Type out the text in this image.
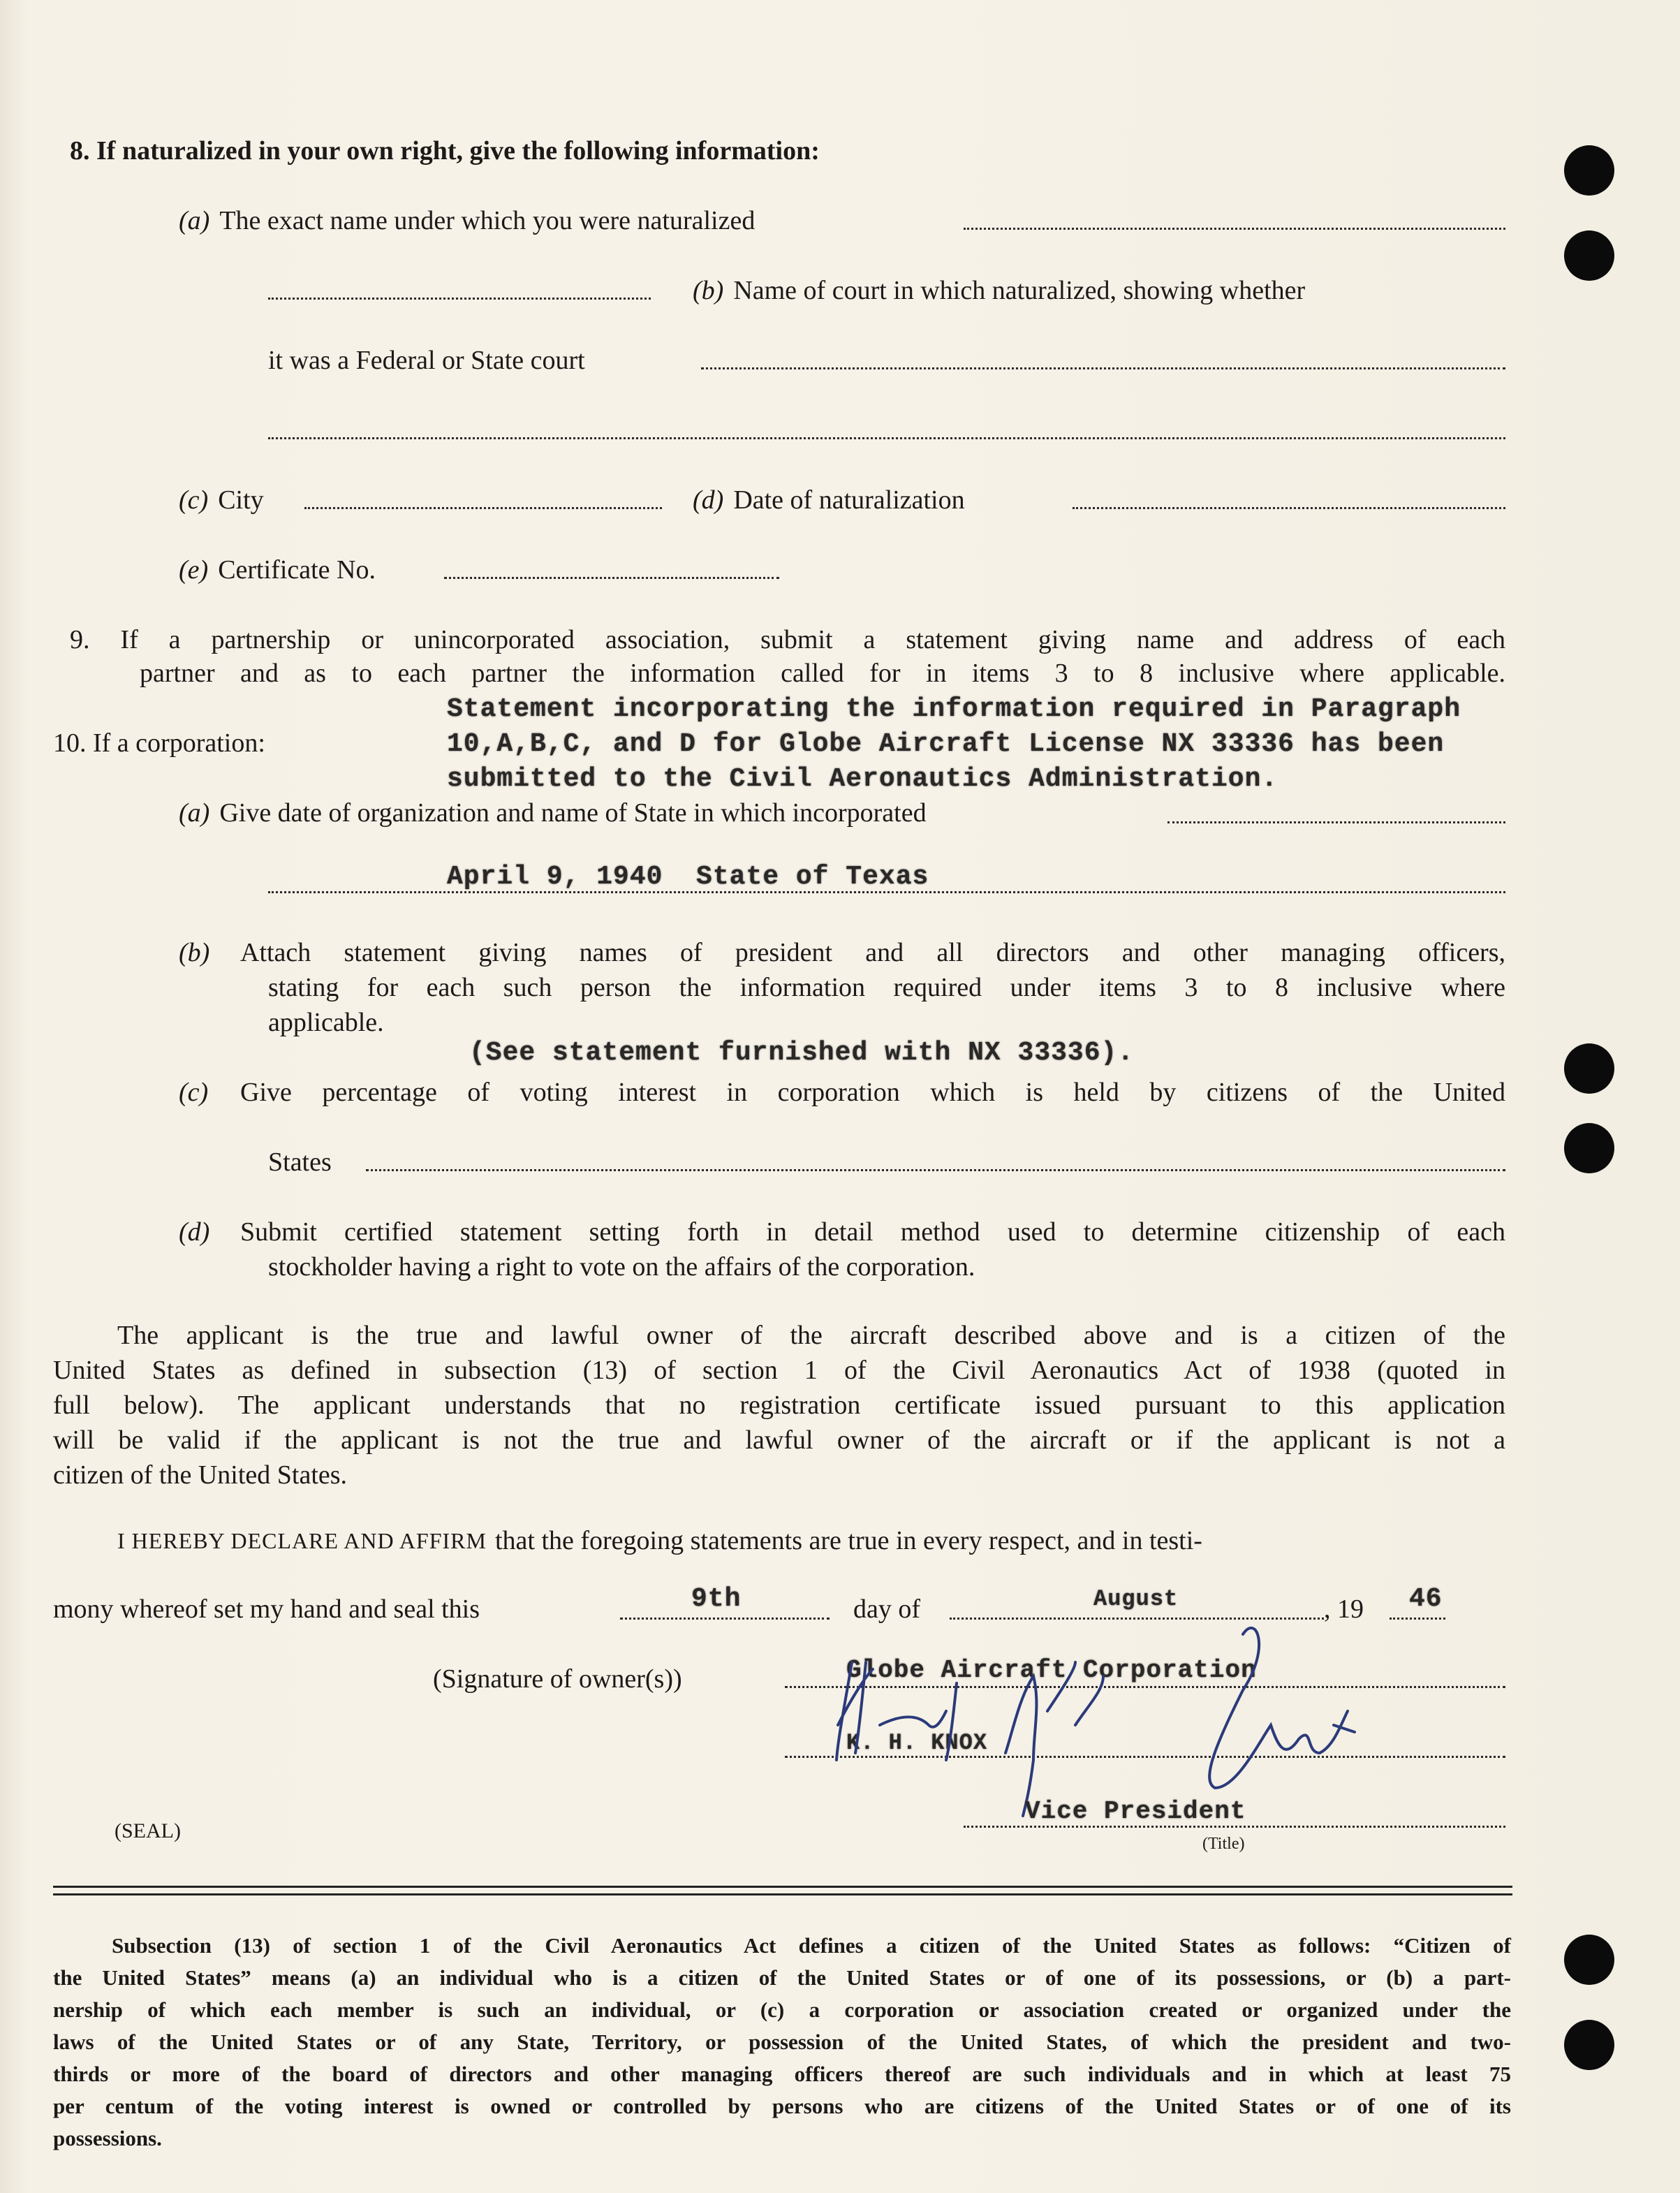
8. If naturalized in your own right, give the following information:
(a) The exact name under which you were naturalized
(b) Name of court in which naturalized, showing whether
it was a Federal or State court
(c) City	(d) Date of naturalization
(e) Certificate No.
9. If a partnership or unincorporated association, submit a statement giving name and address of each
partner and as to each partner the information called for in items 3 to 8 inclusive where applicable.
10. If a corporation:
Statement incorporating the information required in Paragraph
10,A,B,C, and D for Globe Aircraft License NX 33336 has been
submitted to the Civil Aeronautics Administration.
(a) Give date of organization and name of State in which incorporated
April 9, 1940  State of Texas
(b)	Attach statement giving names of president and all directors and other managing officers,
stating for each such person the information required under items 3 to 8 inclusive where
applicable.
(See statement furnished with NX 33336).
(c)	Give percentage of voting interest in corporation which is held by citizens of the United
States
(d)	Submit certified statement setting forth in detail method used to determine citizenship of each
stockholder having a right to vote on the affairs of the corporation.
The applicant is the true and lawful owner of the aircraft described above and is a citizen of the
United States as defined in subsection (13) of section 1 of the Civil Aeronautics Act of 1938 (quoted in
full below). The applicant understands that no registration certificate issued pursuant to this application
will be valid if the applicant is not the true and lawful owner of the aircraft or if the applicant is not a
citizen of the United States.
I HEREBY DECLARE AND AFFIRM that the foregoing statements are true in every respect, and in testi-
mony whereof set my hand and seal this	9th	day of	August	, 19 46
(Signature of owner(s))	Globe Aircraft Corporation
K. H. KNOX
(SEAL)
Vice President
(Title)
Subsection (13) of section 1 of the Civil Aeronautics Act defines a citizen of the United States as follows: “Citizen of
the United States” means (a) an individual who is a citizen of the United States or of one of its possessions, or (b) a part-
nership of which each member is such an individual, or (c) a corporation or association created or organized under the
laws of the United States or of any State, Territory, or possession of the United States, of which the president and two-
thirds or more of the board of directors and other managing officers thereof are such individuals and in which at least 75
per centum of the voting interest is owned or controlled by persons who are citizens of the United States or of one of its
possessions.
